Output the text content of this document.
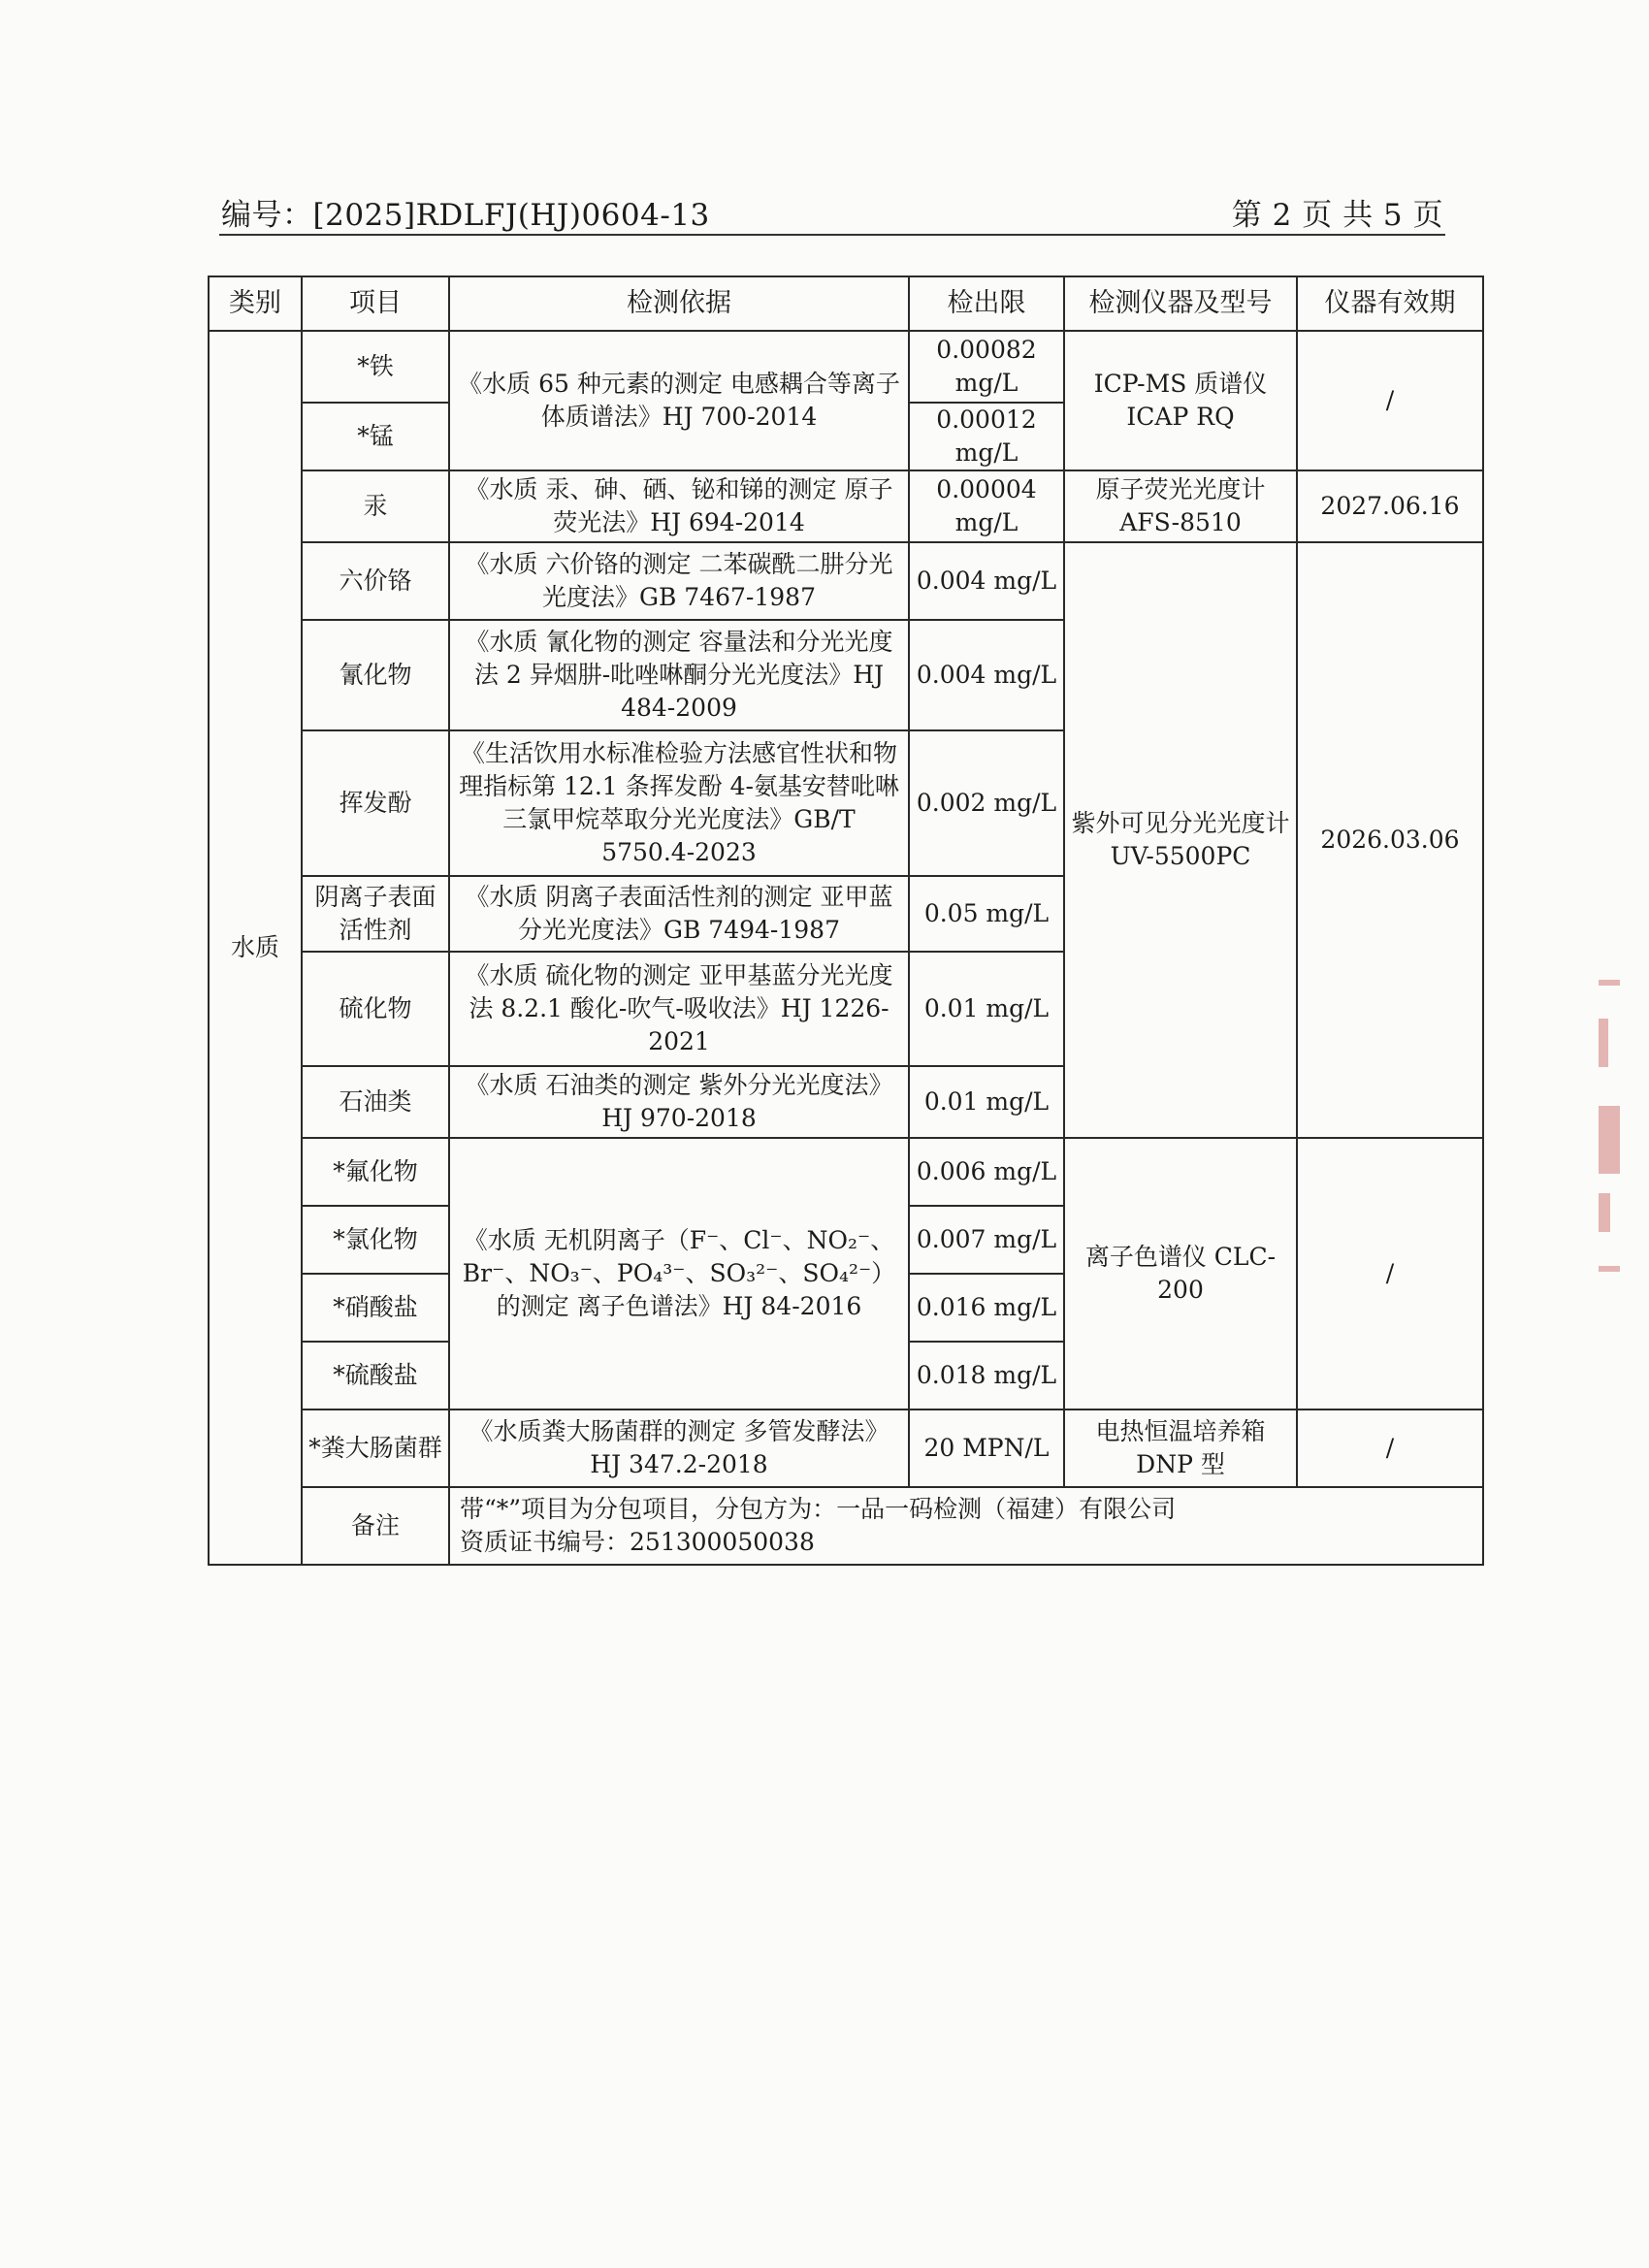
编号：[2025]RDLFJ(HJ)0604-13	第 2 页 共 5 页
类别	项目	检测依据	检出限	检测仪器及型号	仪器有效期
水质	*铁	《水质 65 种元素的测定 电感耦合等离子体质谱法》HJ 700-2014	0.00082 mg/L	ICP-MS 质谱仪 ICAP RQ	/
	*锰		0.00012 mg/L		
	汞	《水质 汞、砷、硒、铋和锑的测定 原子荧光法》HJ 694-2014	0.00004 mg/L	原子荧光光度计 AFS-8510	2027.06.16
	六价铬	《水质 六价铬的测定 二苯碳酰二肼分光光度法》GB 7467-1987	0.004 mg/L	紫外可见分光光度计 UV-5500PC	2026.03.06
	氰化物	《水质 氰化物的测定 容量法和分光光度法 2 异烟肼-吡唑啉酮分光光度法》HJ 484-2009	0.004 mg/L		
	挥发酚	《生活饮用水标准检验方法感官性状和物理指标第 12.1 条挥发酚 4-氨基安替吡啉三氯甲烷萃取分光光度法》GB/T 5750.4-2023	0.002 mg/L		
	阴离子表面活性剂	《水质 阴离子表面活性剂的测定 亚甲蓝分光光度法》GB 7494-1987	0.05 mg/L		
	硫化物	《水质 硫化物的测定 亚甲基蓝分光光度法 8.2.1 酸化-吹气-吸收法》HJ 1226-2021	0.01 mg/L		
	石油类	《水质 石油类的测定 紫外分光光度法》HJ 970-2018	0.01 mg/L		
	*氟化物	《水质 无机阴离子（F⁻、Cl⁻、NO₂⁻、Br⁻、NO₃⁻、PO₄³⁻、SO₃²⁻、SO₄²⁻）的测定 离子色谱法》HJ 84-2016	0.006 mg/L	离子色谱仪 CLC-200	/
	*氯化物		0.007 mg/L		
	*硝酸盐		0.016 mg/L		
	*硫酸盐		0.018 mg/L		
	*粪大肠菌群	《水质粪大肠菌群的测定 多管发酵法》HJ 347.2-2018	20 MPN/L	电热恒温培养箱 DNP 型	/
	备注	带“*”项目为分包项目，分包方为：一品一码检测（福建）有限公司
资质证书编号：251300050038			
